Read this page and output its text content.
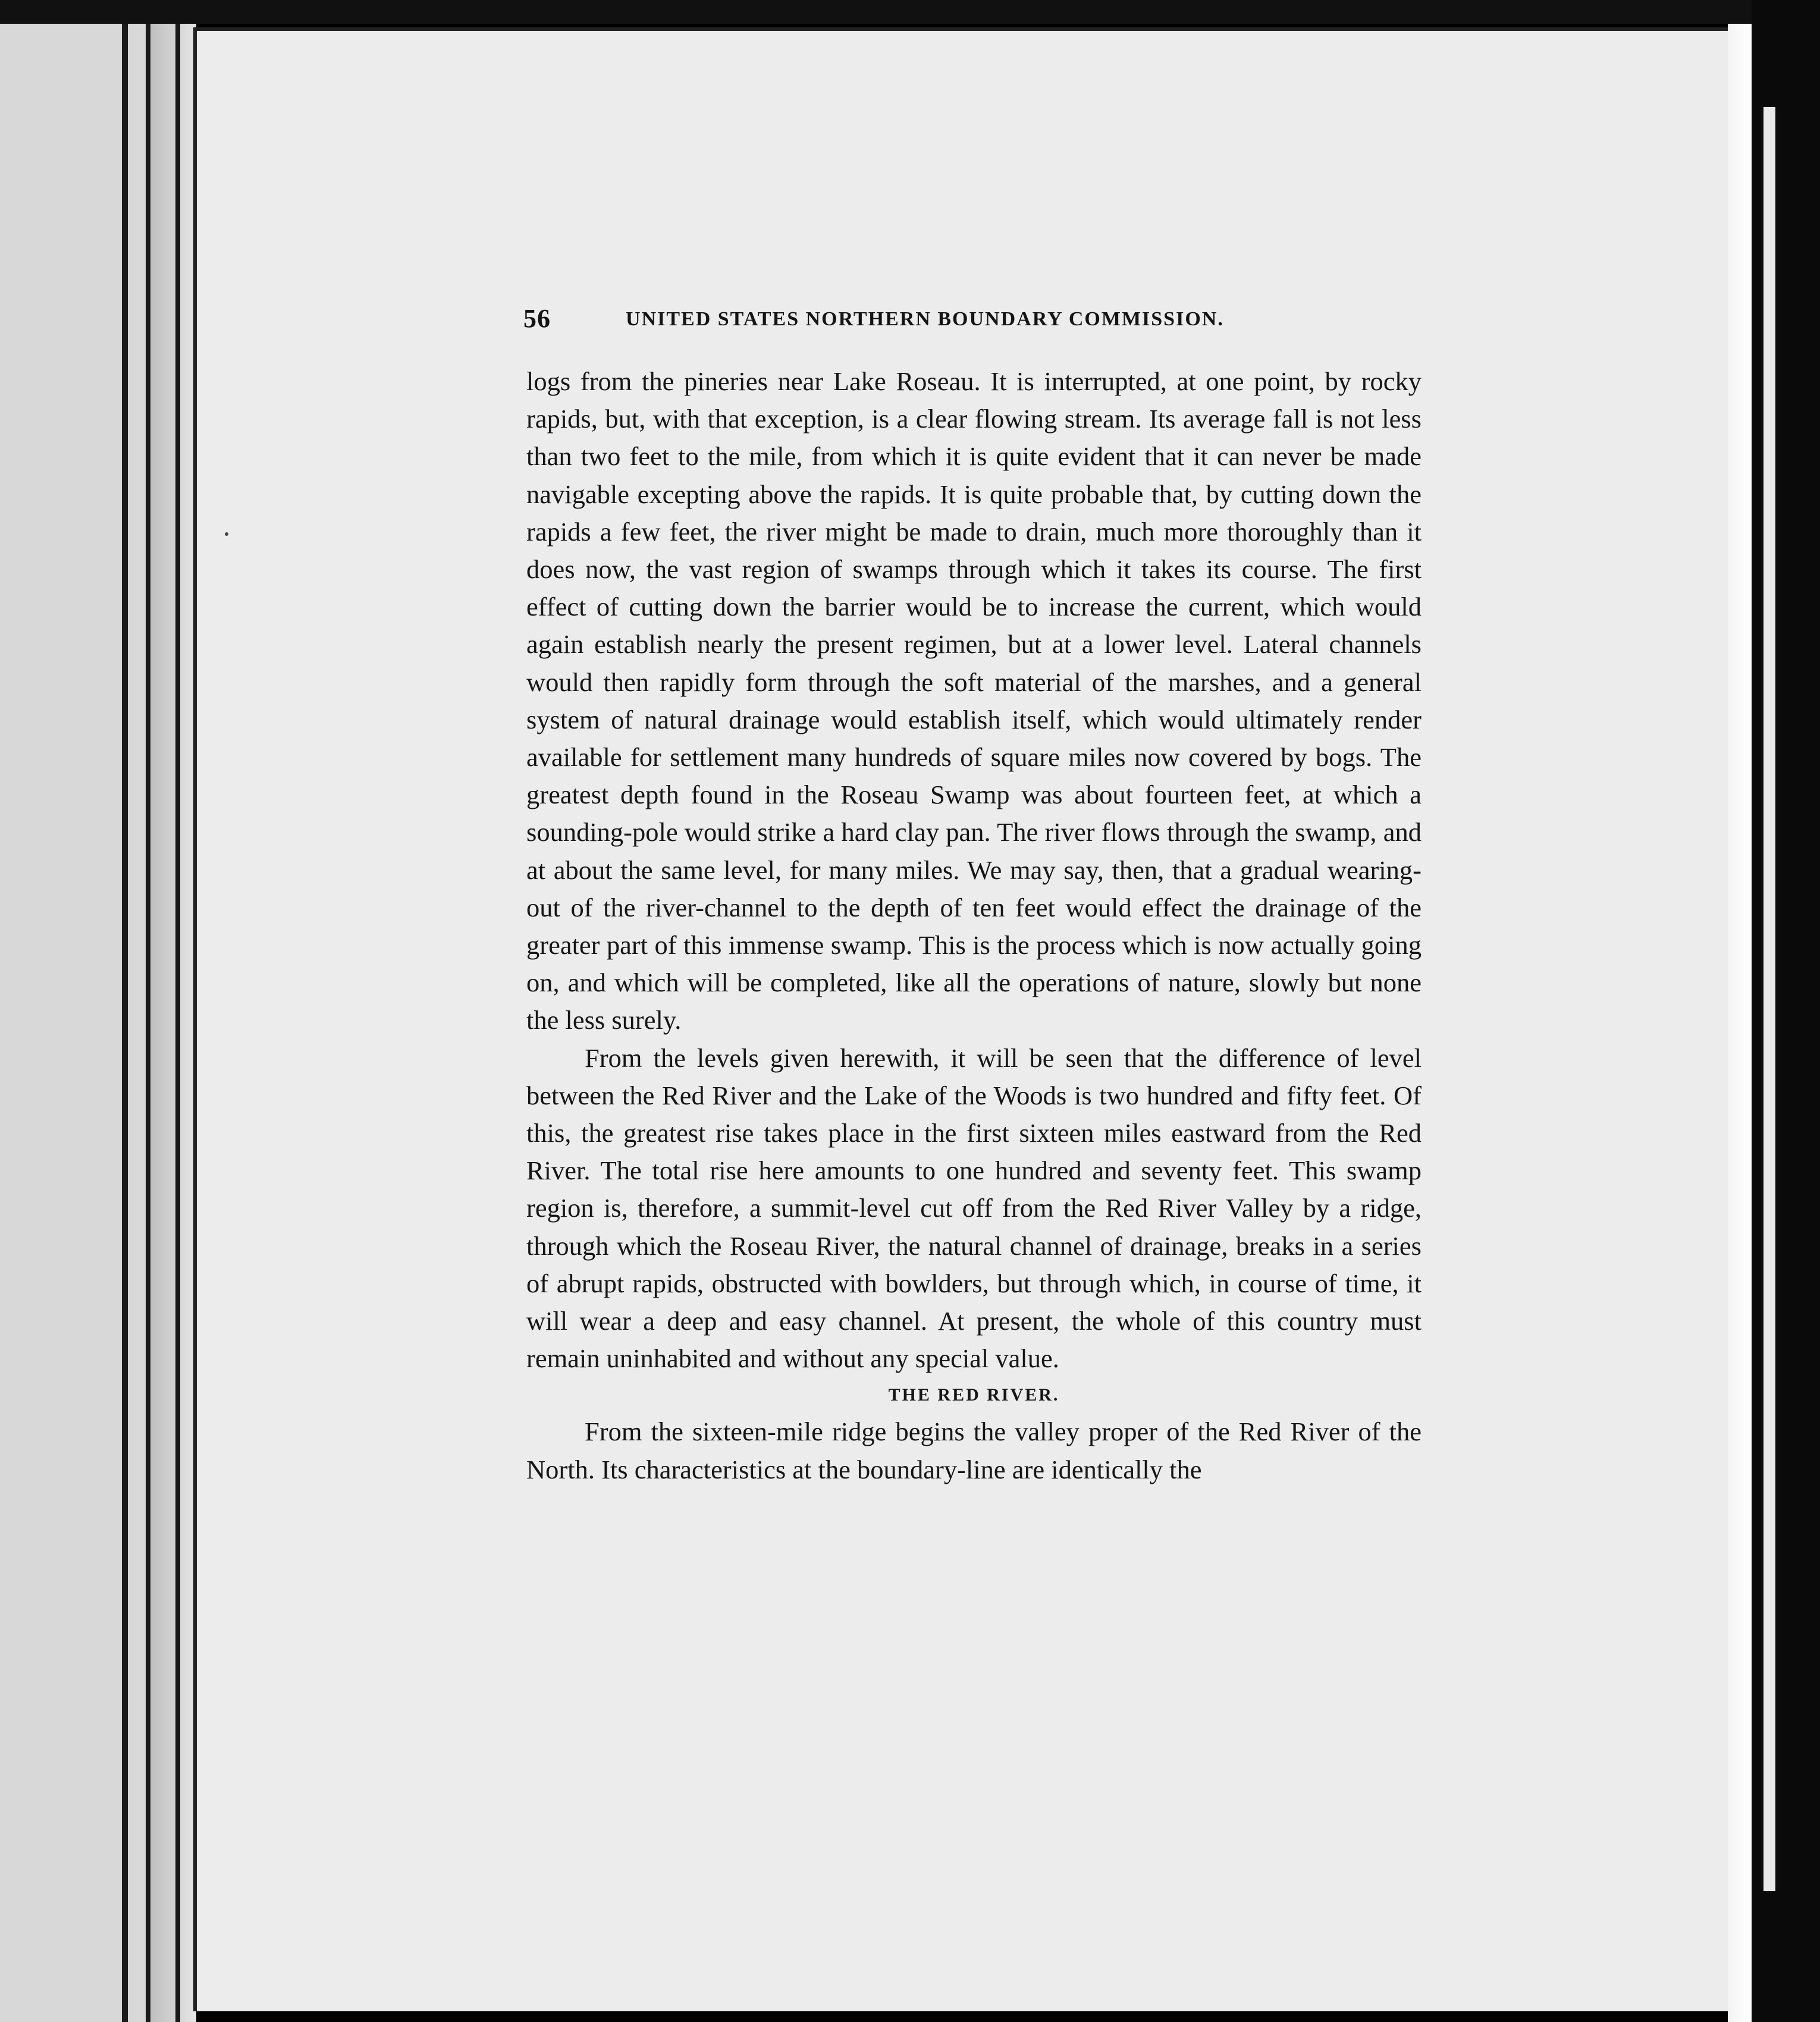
56	UNITED STATES NORTHERN BOUNDARY COMMISSION.

logs from the pineries near Lake Roseau. It is interrupted, at one point, by rocky rapids, but, with that exception, is a clear flowing stream. Its average fall is not less than two feet to the mile, from which it is quite evident that it can never be made navigable excepting above the rapids. It is quite probable that, by cutting down the rapids a few feet, the river might be made to drain, much more thoroughly than it does now, the vast region of swamps through which it takes its course. The first effect of cutting down the barrier would be to increase the current, which would again establish nearly the present regimen, but at a lower level. Lateral channels would then rapidly form through the soft material of the marshes, and a general system of natural drainage would establish itself, which would ultimately render available for settlement many hundreds of square miles now covered by bogs. The greatest depth found in the Roseau Swamp was about fourteen feet, at which a sounding-pole would strike a hard clay pan. The river flows through the swamp, and at about the same level, for many miles. We may say, then, that a gradual wearing-out of the river-channel to the depth of ten feet would effect the drainage of the greater part of this immense swamp. This is the process which is now actually going on, and which will be completed, like all the operations of nature, slowly but none the less surely.

From the levels given herewith, it will be seen that the difference of level between the Red River and the Lake of the Woods is two hundred and fifty feet. Of this, the greatest rise takes place in the first sixteen miles eastward from the Red River. The total rise here amounts to one hundred and seventy feet. This swamp region is, therefore, a summit-level cut off from the Red River Valley by a ridge, through which the Roseau River, the natural channel of drainage, breaks in a series of abrupt rapids, obstructed with bowlders, but through which, in course of time, it will wear a deep and easy channel. At present, the whole of this country must remain uninhabited and without any special value.

THE RED RIVER.

From the sixteen-mile ridge begins the valley proper of the Red River of the North. Its characteristics at the boundary-line are identically the
